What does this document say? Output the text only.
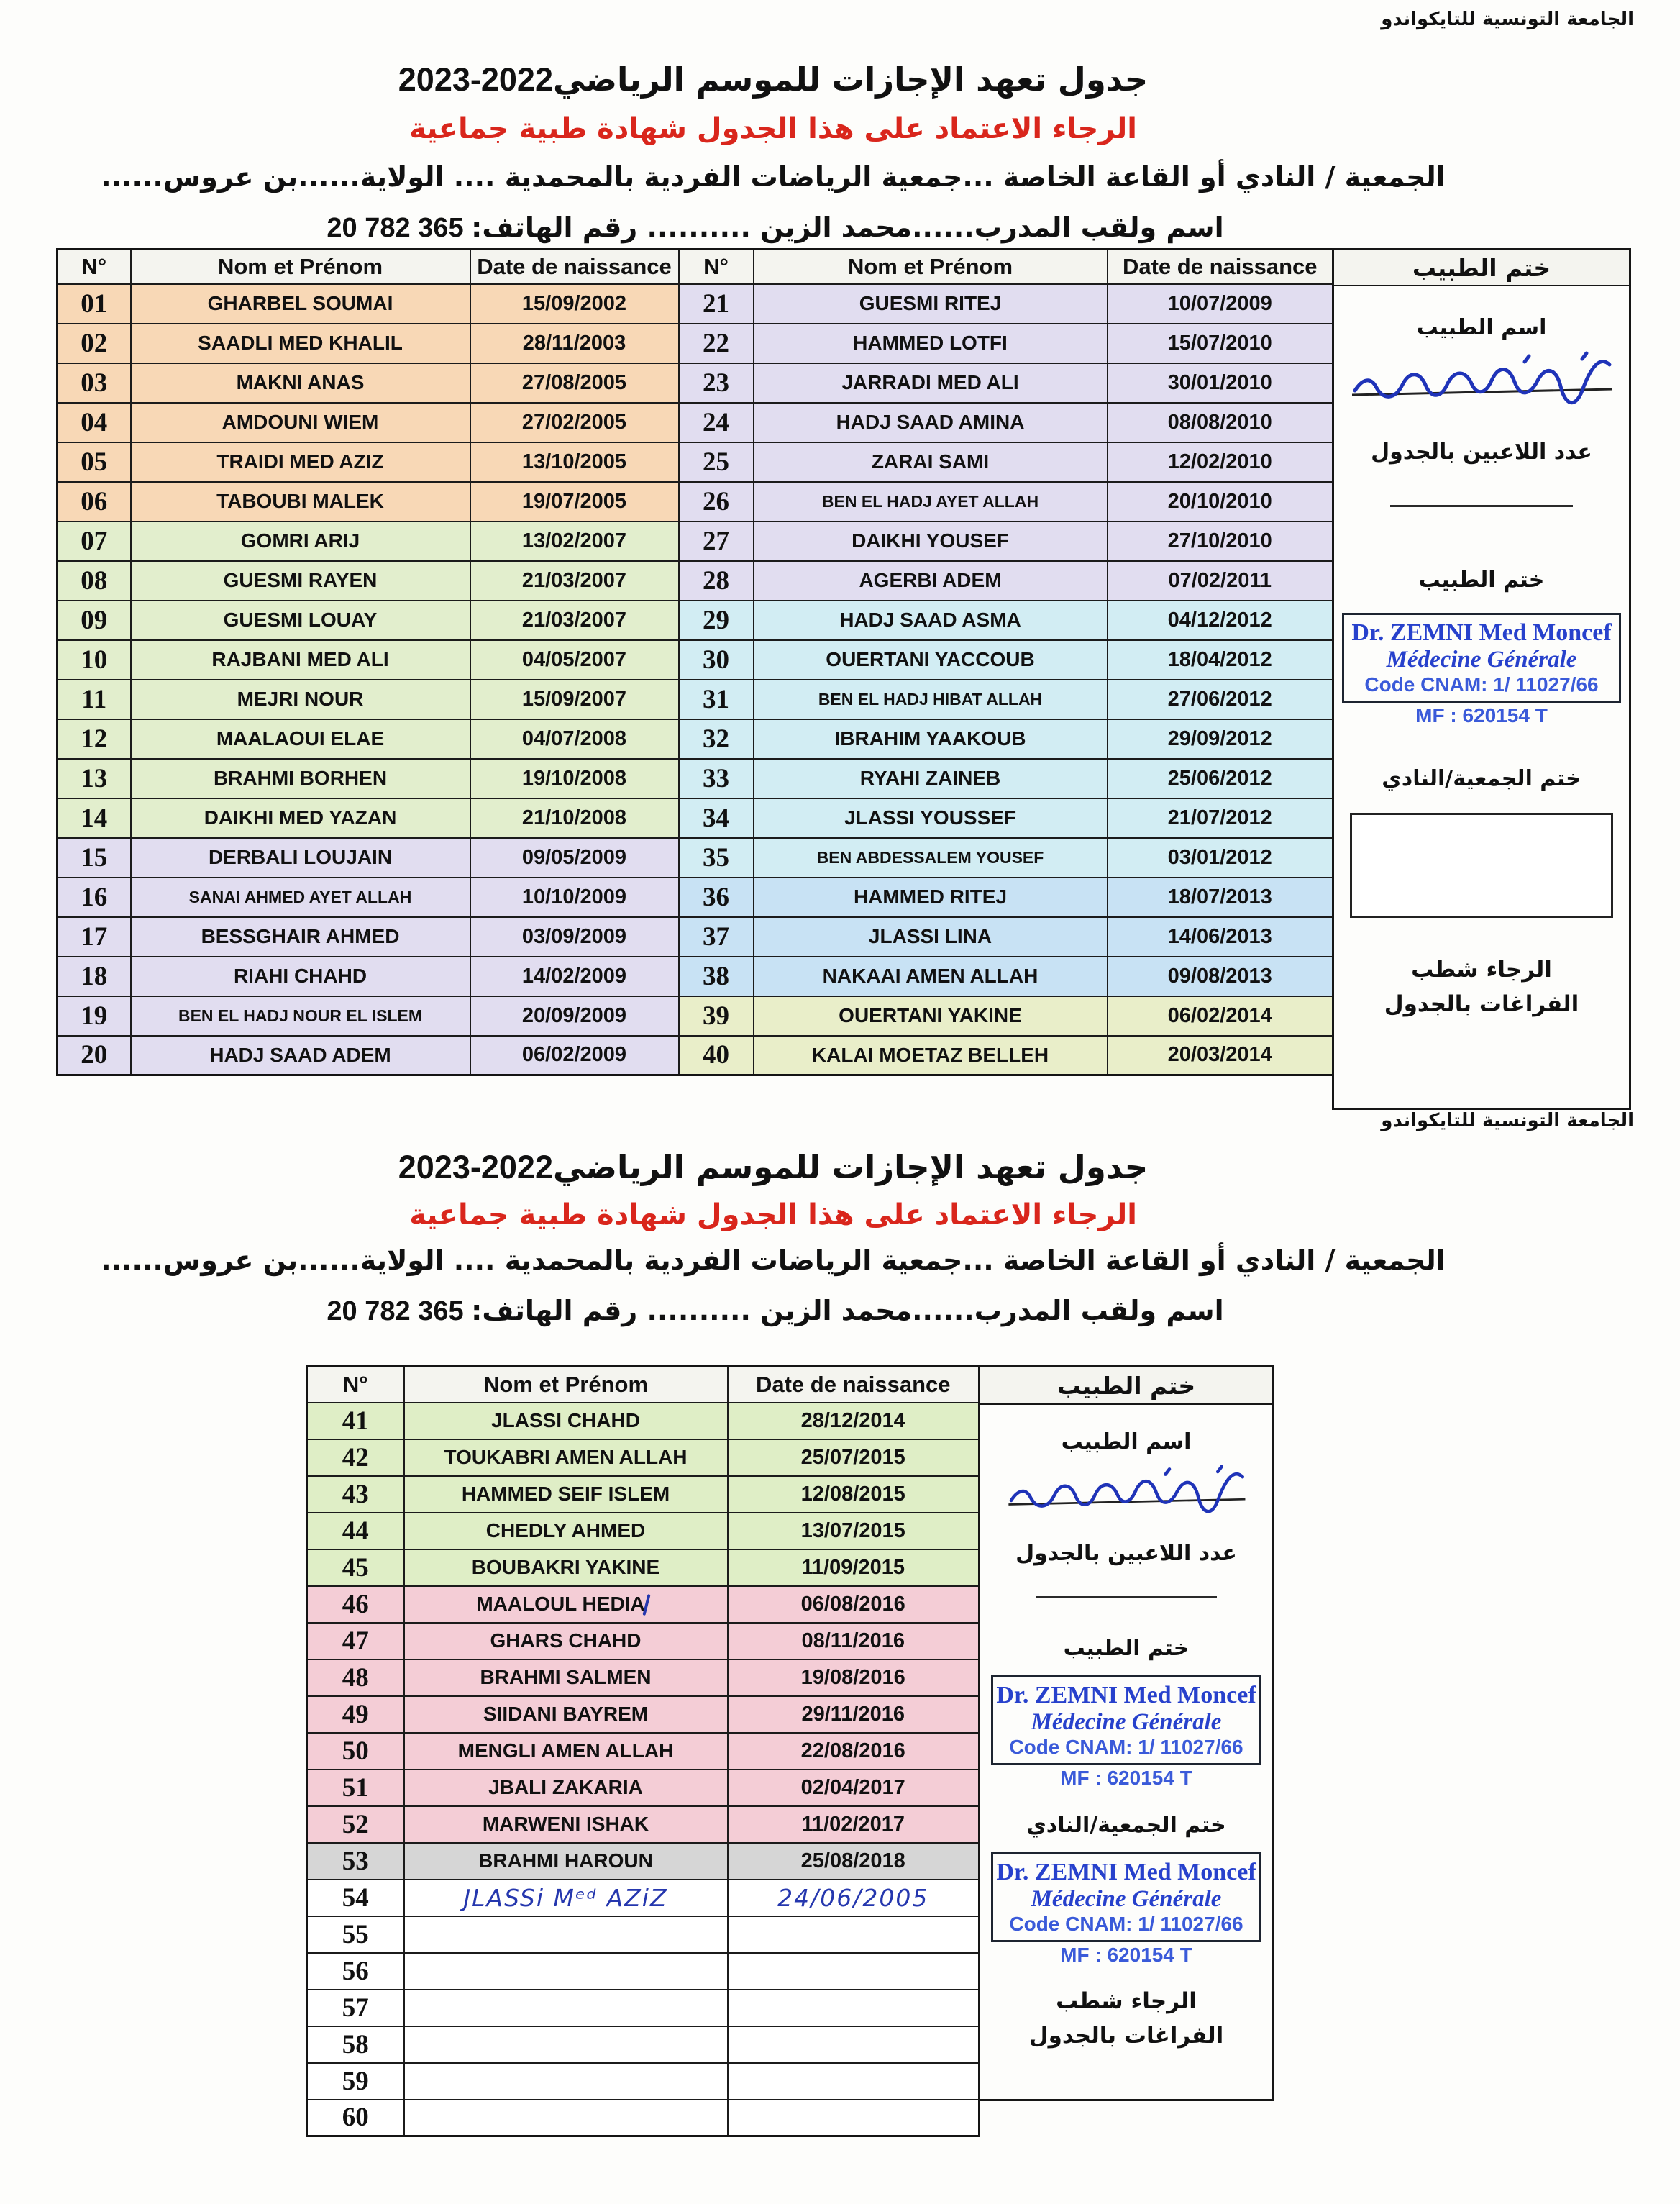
الجامعة التونسية للتايكواندو
جدول تعهد الإجازات للموسم الرياضي2023-2022
الرجاء الاعتماد على هذا الجدول شهادة طبية جماعية
الجمعية / النادي أو القاعة الخاصة ...جمعية الرياضات الفردية بالمحمدية .... الولاية......بن عروس......
اسم ولقب المدرب......محمد الزين .......... رقم الهاتف: 20 782 365
N°	Nom et Prénom	Date de naissance	N°	Nom et Prénom	Date de naissance
01	GHARBEL SOUMAI	15/09/2002	21	GUESMI RITEJ	10/07/2009
02	SAADLI MED KHALIL	28/11/2003	22	HAMMED LOTFI	15/07/2010
03	MAKNI ANAS	27/08/2005	23	JARRADI MED ALI	30/01/2010
04	AMDOUNI WIEM	27/02/2005	24	HADJ SAAD AMINA	08/08/2010
05	TRAIDI MED AZIZ	13/10/2005	25	ZARAI SAMI	12/02/2010
06	TABOUBI MALEK	19/07/2005	26	BEN EL HADJ AYET ALLAH	20/10/2010
07	GOMRI ARIJ	13/02/2007	27	DAIKHI YOUSEF	27/10/2010
08	GUESMI RAYEN	21/03/2007	28	AGERBI ADEM	07/02/2011
09	GUESMI LOUAY	21/03/2007	29	HADJ SAAD ASMA	04/12/2012
10	RAJBANI MED ALI	04/05/2007	30	OUERTANI YACCOUB	18/04/2012
11	MEJRI NOUR	15/09/2007	31	BEN EL HADJ HIBAT ALLAH	27/06/2012
12	MAALAOUI ELAE	04/07/2008	32	IBRAHIM YAAKOUB	29/09/2012
13	BRAHMI BORHEN	19/10/2008	33	RYAHI ZAINEB	25/06/2012
14	DAIKHI MED YAZAN	21/10/2008	34	JLASSI YOUSSEF	21/07/2012
15	DERBALI LOUJAIN	09/05/2009	35	BEN ABDESSALEM YOUSEF	03/01/2012
16	SANAI AHMED AYET ALLAH	10/10/2009	36	HAMMED RITEJ	18/07/2013
17	BESSGHAIR AHMED	03/09/2009	37	JLASSI LINA	14/06/2013
18	RIAHI CHAHD	14/02/2009	38	NAKAAI AMEN ALLAH	09/08/2013
19	BEN EL HADJ NOUR EL ISLEM	20/09/2009	39	OUERTANI YAKINE	06/02/2014
20	HADJ SAAD ADEM	06/02/2009	40	KALAI MOETAZ BELLEH	20/03/2014
ختم الطبيب
اسم الطبيب
عدد اللاعبين بالجدول
ختم الطبيب
Dr. ZEMNI Med Moncef
Médecine Générale
Code CNAM: 1/ 11027/66
MF : 620154 T
ختم الجمعية/النادي
الرجاء شطب الفراغات بالجدول
الجامعة التونسية للتايكواندو
جدول تعهد الإجازات للموسم الرياضي2023-2022
الرجاء الاعتماد على هذا الجدول شهادة طبية جماعية
الجمعية / النادي أو القاعة الخاصة ...جمعية الرياضات الفردية بالمحمدية .... الولاية......بن عروس......
اسم ولقب المدرب......محمد الزين .......... رقم الهاتف: 20 782 365
N°	Nom et Prénom	Date de naissance
41	JLASSI CHAHD	28/12/2014
42	TOUKABRI AMEN ALLAH	25/07/2015
43	HAMMED SEIF ISLEM	12/08/2015
44	CHEDLY AHMED	13/07/2015
45	BOUBAKRI YAKINE	11/09/2015
46	MAALOUL HEDIA	06/08/2016
47	GHARS CHAHD	08/11/2016
48	BRAHMI SALMEN	19/08/2016
49	SIIDANI BAYREM	29/11/2016
50	MENGLI AMEN ALLAH	22/08/2016
51	JBALI ZAKARIA	02/04/2017
52	MARWENI ISHAK	11/02/2017
53	BRAHMI HAROUN	25/08/2018
54	JLASSi Mᵉᵈ AZiZ	24/06/2005
55		
56		
57		
58		
59		
60		
ختم الطبيب
اسم الطبيب
عدد اللاعبين بالجدول
ختم الطبيب
Dr. ZEMNI Med Moncef
Médecine Générale
Code CNAM: 1/ 11027/66
MF : 620154 T
ختم الجمعية/النادي
Dr. ZEMNI Med Moncef
Médecine Générale
Code CNAM: 1/ 11027/66
MF : 620154 T
الرجاء شطب الفراغات بالجدول
